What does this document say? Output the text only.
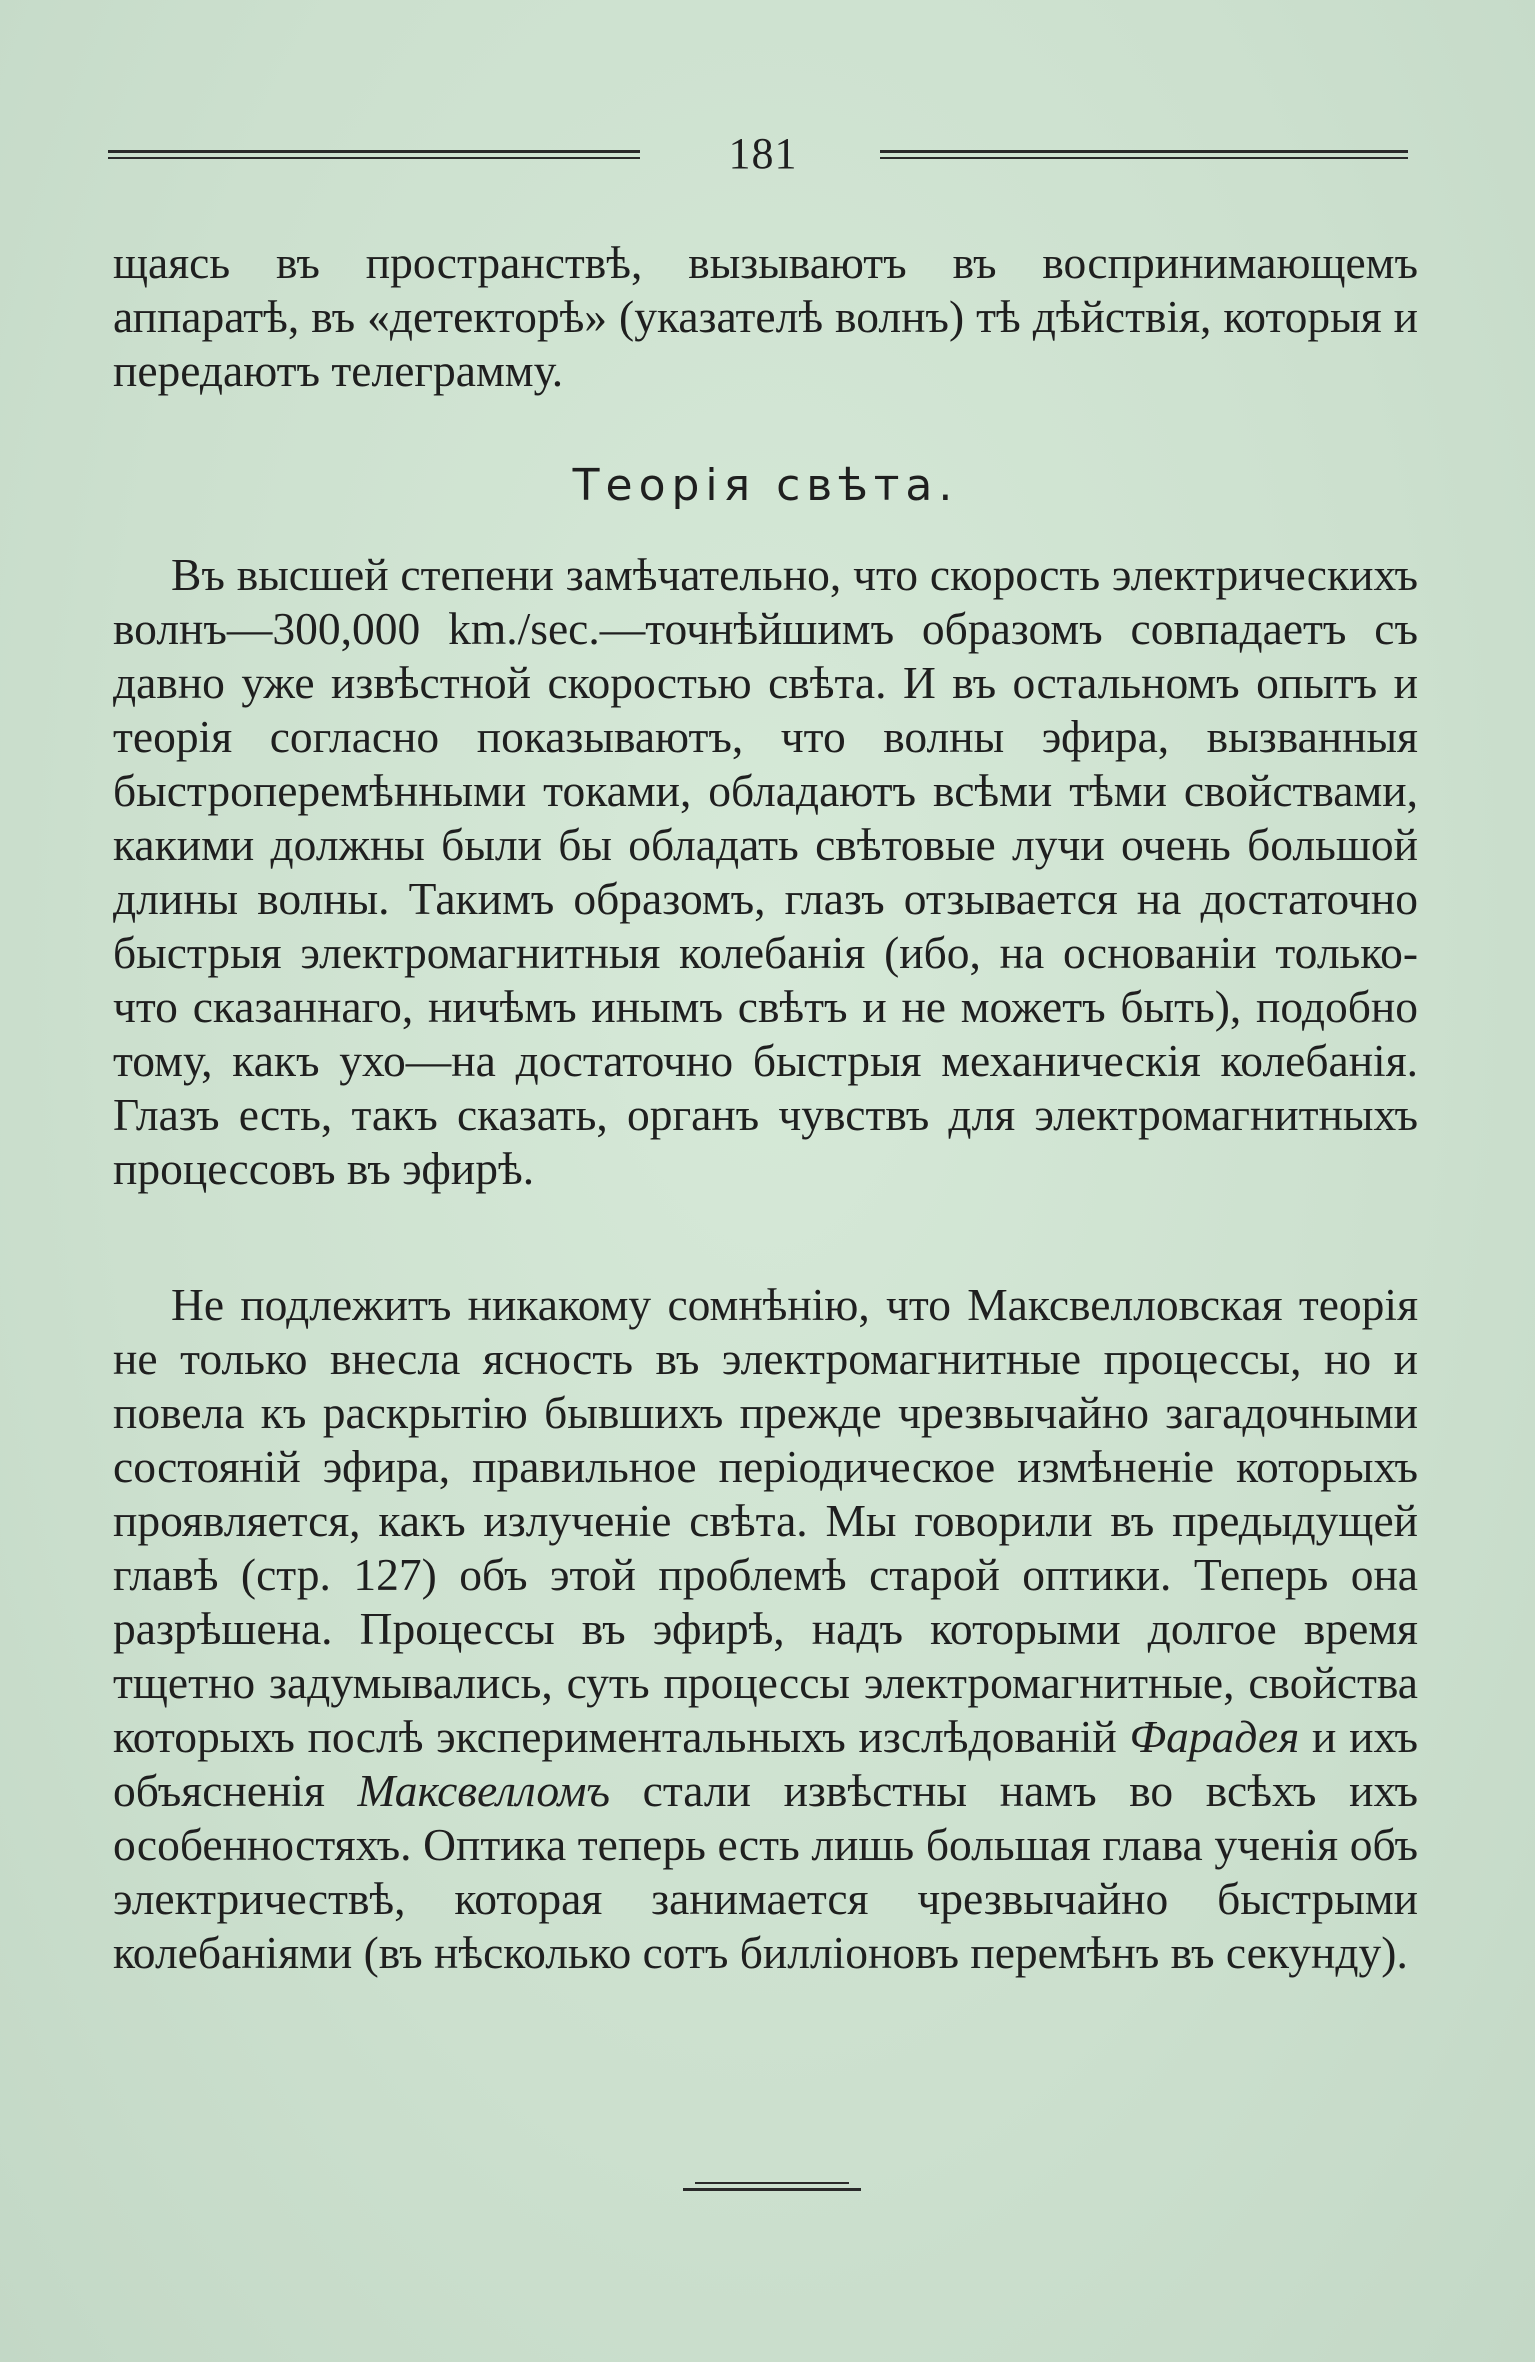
181

щаясь въ пространствѣ, вызываютъ въ воспринимающемъ аппаратѣ, въ «детекторѣ» (указателѣ волнъ) тѣ дѣйствія, которыя и передаютъ телеграмму.

Теорія свѣта.

Въ высшей степени замѣчательно, что скорость электрическихъ волнъ—300,000 km./sec.—точнѣйшимъ образомъ совпадаетъ съ давно уже извѣстной скоростью свѣта. И въ остальномъ опытъ и теорія согласно показываютъ, что волны эфира, вызванныя быстроперемѣнными токами, обладаютъ всѣми тѣми свойствами, какими должны были бы обладать свѣтовые лучи очень большой длины волны. Такимъ образомъ, глазъ отзывается на достаточно быстрыя электромагнитныя колебанія (ибо, на основаніи только-что сказаннаго, ничѣмъ инымъ свѣтъ и не можетъ быть), подобно тому, какъ ухо—на достаточно быстрыя механическія колебанія. Глазъ есть, такъ сказать, органъ чувствъ для электромагнитныхъ процессовъ въ эфирѣ.

Не подлежитъ никакому сомнѣнію, что Максвелловская теорія не только внесла ясность въ электромагнитные процессы, но и повела къ раскрытію бывшихъ прежде чрезвычайно загадочными состояній эфира, правильное періодическое измѣненіе которыхъ проявляется, какъ излученіе свѣта. Мы говорили въ предыдущей главѣ (стр. 127) объ этой проблемѣ старой оптики. Теперь она разрѣшена. Процессы въ эфирѣ, надъ которыми долгое время тщетно задумывались, суть процессы электромагнитные, свойства которыхъ послѣ экспериментальныхъ изслѣдованій Фарадея и ихъ объясненія Максвелломъ стали извѣстны намъ во всѣхъ ихъ особенностяхъ. Оптика теперь есть лишь большая глава ученія объ электричествѣ, которая занимается чрезвычайно быстрыми колебаніями (въ нѣсколько сотъ билліоновъ перемѣнъ въ секунду).
